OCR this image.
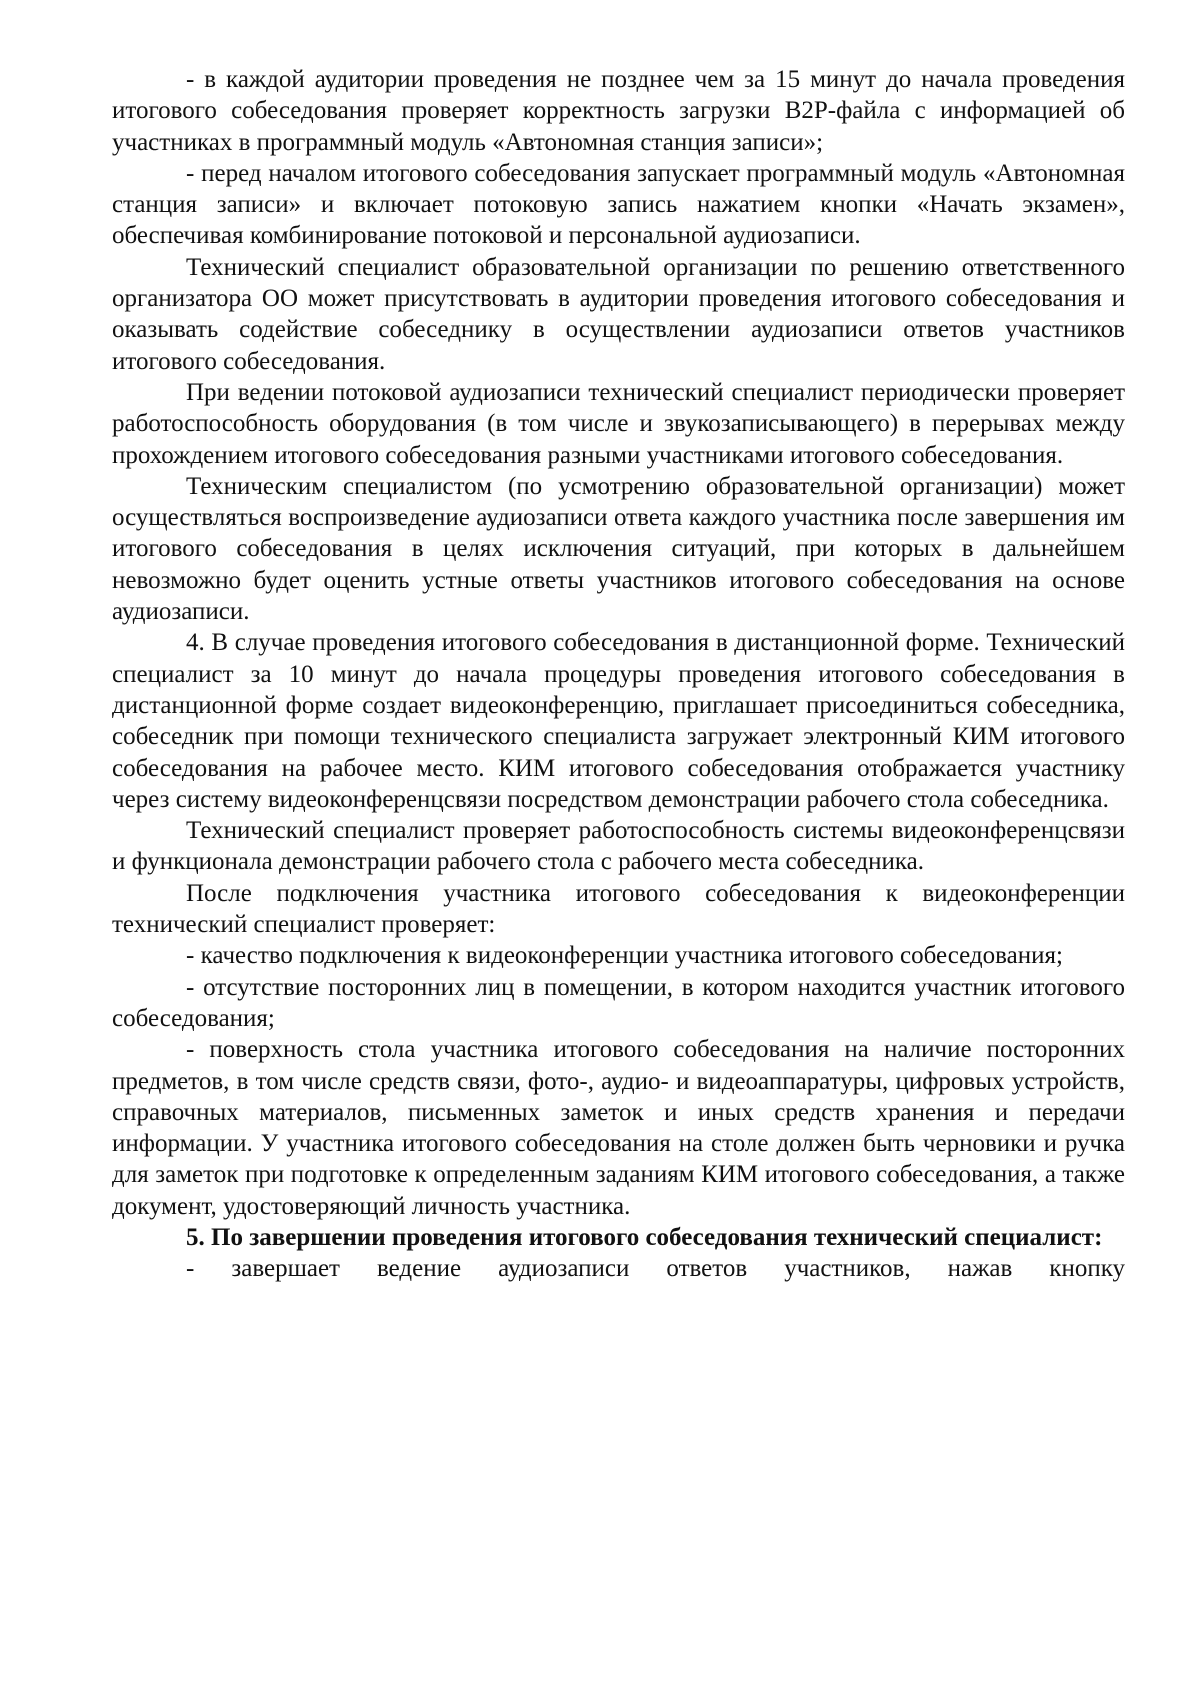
- в каждой аудитории проведения не позднее чем за 15 минут до начала проведения итогового собеседования проверяет корректность загрузки B2P-файла с информацией об участниках в программный модуль «Автономная станция записи»;

- перед началом итогового собеседования запускает программный модуль «Автономная станция записи» и включает потоковую запись нажатием кнопки «Начать экзамен», обеспечивая комбинирование потоковой и персональной аудиозаписи.

Технический специалист образовательной организации по решению ответственного организатора ОО может присутствовать в аудитории проведения итогового собеседования и оказывать содействие собеседнику в осуществлении аудиозаписи ответов участников итогового собеседования.

При ведении потоковой аудиозаписи технический специалист периодически проверяет работоспособность оборудования (в том числе и звукозаписывающего) в перерывах между прохождением итогового собеседования разными участниками итогового собеседования.

Техническим специалистом (по усмотрению образовательной организации) может осуществляться воспроизведение аудиозаписи ответа каждого участника после завершения им итогового собеседования в целях исключения ситуаций, при которых в дальнейшем невозможно будет оценить устные ответы участников итогового собеседования на основе аудиозаписи.

4. В случае проведения итогового собеседования в дистанционной форме. Технический специалист за 10 минут до начала процедуры проведения итогового собеседования в дистанционной форме создает видеоконференцию, приглашает присоединиться собеседника, собеседник при помощи технического специалиста загружает электронный КИМ итогового собеседования на рабочее место. КИМ итогового собеседования отображается участнику через систему видеоконференцсвязи посредством демонстрации рабочего стола собеседника.

Технический специалист проверяет работоспособность системы видеоконференцсвязи и функционала демонстрации рабочего стола с рабочего места собеседника.

После подключения участника итогового собеседования к видеоконференции технический специалист проверяет:

- качество подключения к видеоконференции участника итогового собеседования;

- отсутствие посторонних лиц в помещении, в котором находится участник итогового собеседования;

- поверхность стола участника итогового собеседования на наличие посторонних предметов, в том числе средств связи, фото-, аудио- и видеоаппаратуры, цифровых устройств, справочных материалов, письменных заметок и иных средств хранения и передачи информации. У участника итогового собеседования на столе должен быть черновики и ручка для заметок при подготовке к определенным заданиям КИМ итогового собеседования, а также документ, удостоверяющий личность участника.

5. По завершении проведения итогового собеседования технический специалист:

- завершает ведение аудиозаписи ответов участников, нажав кнопку
